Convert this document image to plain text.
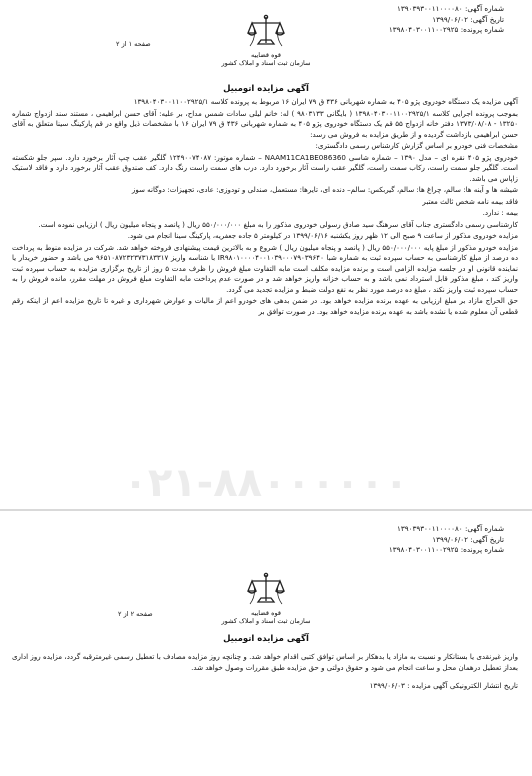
شماره آگهی: ۱۳۹۰۳۹۳۰۰۱۱۰۰۰۰۸۰
تاریخ آگهی: ۱۳۹۹/۰۶/۰۲
شماره پرونده: ۱۳۹۸۰۴۰۳۰۰۱۱۰۰۲۹۲۵
قوه قضاییه
سازمان ثبت اسناد و املاک کشور
صفحه ۱ از ۲
آگهی مزایده اتومبیل

آگهی مزایده یک دستگاه خودروی پژو ۴۰۵ به شماره شهربانی ۴۳۶ ق ۷۹ ایران ۱۶ مربوط به پرونده کلاسه ۱۳۹۸۰۴۰۳۰۰۱۱۰۰۲۹۲۵/۱

بموجب پرونده اجرایی کلاسه ۱۳۹۸۰۴۰۳۰۰۱۱۰۰۲۹۲۵/۱ ( بایگانی ۹۸۰۳۱۳۳ ) له: خانم لیلی سادات شمس مداح، بر علیه: آقای حسن ابراهیمی ، مستند سند ازدواج شماره ۱۳۲۵۰ - ۱۳۷۳/۰۸/۰۸ دفتر خانه ازدواج ۵۵ قم یک دستگاه خودروی پژو ۴۰۵ به شماره شهربانی ۴۳۶ ق ۷۹ ایران ۱۶ با مشخصات ذیل واقع در قم پارکینگ سینا متعلق به آقای حسن ابراهیمی بازداشت گردیده و از طریق مزایده به فروش می رسد:

مشخصات فنی خودرو بر اساس گزارش کارشناس رسمی دادگستری:

خودروی پژو ۴۰۵ نقره ای – مدل ۱۳۹۰ – شماره شاسی NAAM11CA1BE086360 – شماره موتور: ۱۲۴۹۰۰۷۴۰۸۷ گلگیر عقب چپ آثار برخورد دارد. سپر جلو شکسته است. گلگیر جلو سمت راست، رکاب سمت راست، گلگیر عقب راست آثار برخورد دارد. درب های سمت راست رنگ دارد. کف صندوق عقب آثار برخورد دارد و فاقد لاستیک زاپاس می باشد.

شیشه ها و آینه ها: سالم، چراغ ها: سالم، گیربکس: سالم– دنده ای، تایرها: مستعمل، صندلی و تودوزی: عادی، تجهیزات: دوگانه سوز

فاقد بیمه نامه شخص ثالث معتبر

بیمه : ندارد.

کارشناسی رسمی دادگستری جناب آقای سرهنگ سید صادق رسولی خودروی مذکور را به مبلغ ۵۵۰/۰۰۰/۰۰۰ ریال ( پانصد و پنجاه میلیون ریال ) ارزیابی نموده است.

مزایده خودروی مذکور از ساعت ۹ صبح الی ۱۲ ظهر روز یکشنبه ۱۳۹۹/۰۶/۱۶ در کیلومتر ۵ جاده جعفریه، پارکینگ سینا انجام می شود.

مزایده خودرو مذکور از مبلغ پایه ۵۵۰/۰۰۰/۰۰۰ ریال ( پانصد و پنجاه میلیون ریال ) شروع و به بالاترین قیمت پیشنهادی فروخته خواهد شد. شرکت در مزایده منوط به پرداخت ده درصد از مبلغ کارشناسی به حساب سپرده ثبت به شماره شبا IR۹۸۰۱۰۰۰۰۴۰۰۱۰۳۹۰۰۰۷۹۰۳۹۶۴۰ با شناسه واریز ۹۶۵۱۰۸۷۲۳۲۳۷۳۱۸۳۳۱۷ می باشد و حضور خریدار یا نماینده قانونی او در جلسه مزایده الزامی است و برنده مزایده مکلف است مابه التفاوت مبلغ فروش را ظرف مدت ۵ روز از تاریخ برگزاری مزایده به حساب سپرده ثبت واریز کند ، مبلغ مذکور قابل استرداد نمی باشد و به حساب خزانه واریز خواهد شد و در صورت عدم پرداخت مابه التفاوت مبلغ فروش در مهلت مقرر، مانده فروش را به حساب سپرده ثبت واریز نکند ، مبلغ ده درصد مورد نظر به نفع دولت ضبط و مزایده تجدید می گردد.

حق الحراج مازاد بر مبلغ ارزیابی به عهده برنده مزایده خواهد بود. در ضمن بدهی های خودرو اعم از مالیات و عوارض شهرداری و غیره تا تاریخ مزایده اعم از اینکه رقم قطعی آن معلوم شده یا نشده باشد به عهده برنده مزایده خواهد بود. در صورت توافق بر

۰۲۱-۸۸۰۰۰۰۰۰
شماره آگهی: ۱۳۹۰۳۹۳۰۰۱۱۰۰۰۰۸۰
تاریخ آگهی: ۱۳۹۹/۰۶/۰۲
شماره پرونده: ۱۳۹۸۰۴۰۳۰۰۱۱۰۰۲۹۲۵
قوه قضاییه
سازمان ثبت اسناد و املاک کشور
صفحه ۲ از ۲
آگهی مزایده اتومبیل

واریز غیرنقدی یا بستانکار و نسبت به مازاد یا بدهکار بر اساس توافق کتبی اقدام خواهد شد. و چنانچه روز مزایده مصادف با تعطیل رسمی غیرمترقبه گردد، مزایده روز اداری بعداز تعطیل درهمان محل و ساعت انجام می شود و حقوق دولتی و حق مزایده طبق مقررات وصول خواهد شد.

تاریخ انتشار الکترونیکی آگهی مزایده : ۱۳۹۹/۰۶/۰۳
